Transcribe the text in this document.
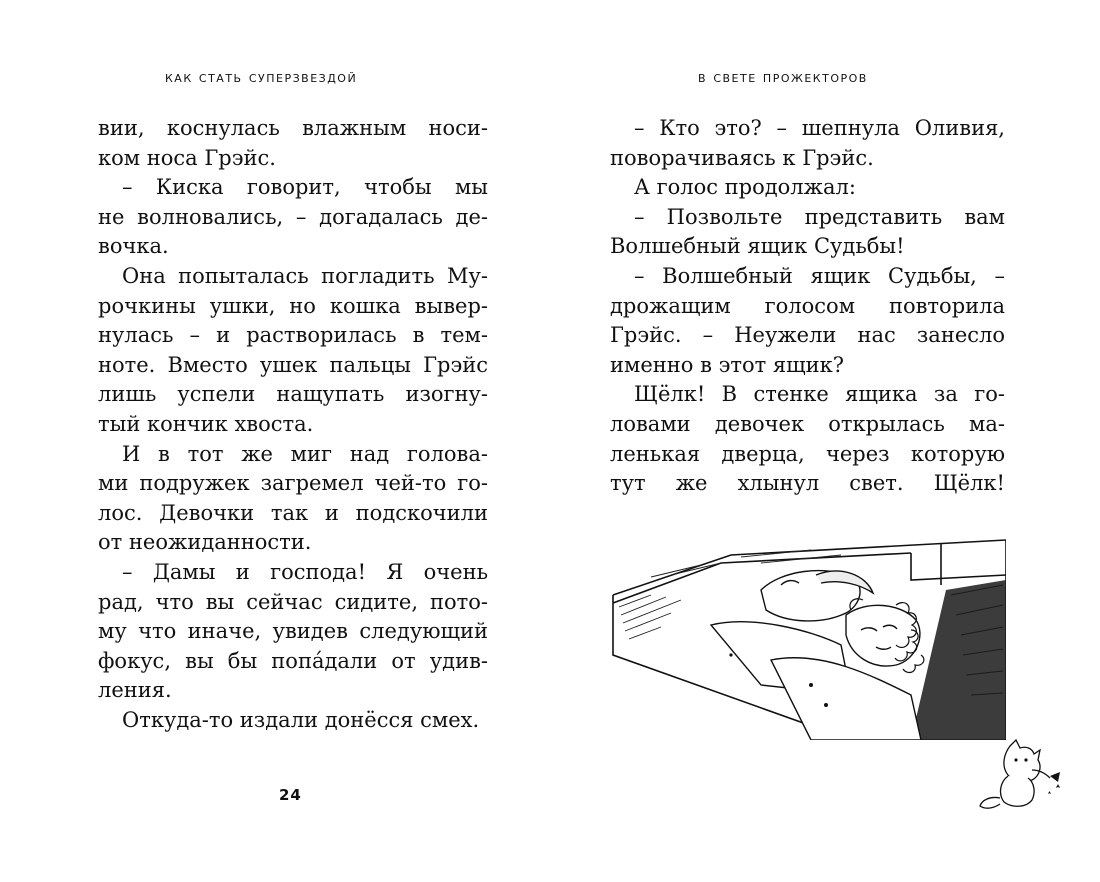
как стать суперзвездой
вии, коснулась влажным носи-
ком носа Грэйс.
– Киска говорит, чтобы мы
не волновались, – догадалась де-
вочка.
Она попыталась погладить Му-
рочкины ушки, но кошка вывер-
нулась – и растворилась в тем-
ноте. Вместо ушек пальцы Грэйс
лишь успели нащупать изогну-
тый кончик хвоста.
И в тот же миг над голова-
ми подружек загремел чей-то го-
лос. Девочки так и подскочили
от неожиданности.
– Дамы и господа! Я очень
рад, что вы сейчас сидите, пото-
му что иначе, увидев следующий
фокус, вы бы попáдали от удив-
ления.
Откуда-то издали донёсся смех.
24
в свете прожекторов
– Кто это? – шепнула Оливия,
поворачиваясь к Грэйс.
А голос продолжал:
– Позвольте представить вам
Волшебный ящик Судьбы!
– Волшебный ящик Судьбы, –
дрожащим голосом повторила
Грэйс. – Неужели нас занесло
именно в этот ящик?
Щёлк! В стенке ящика за го-
ловами девочек открылась ма-
ленькая дверца, через которую
тут же хлынул свет. Щёлк!
